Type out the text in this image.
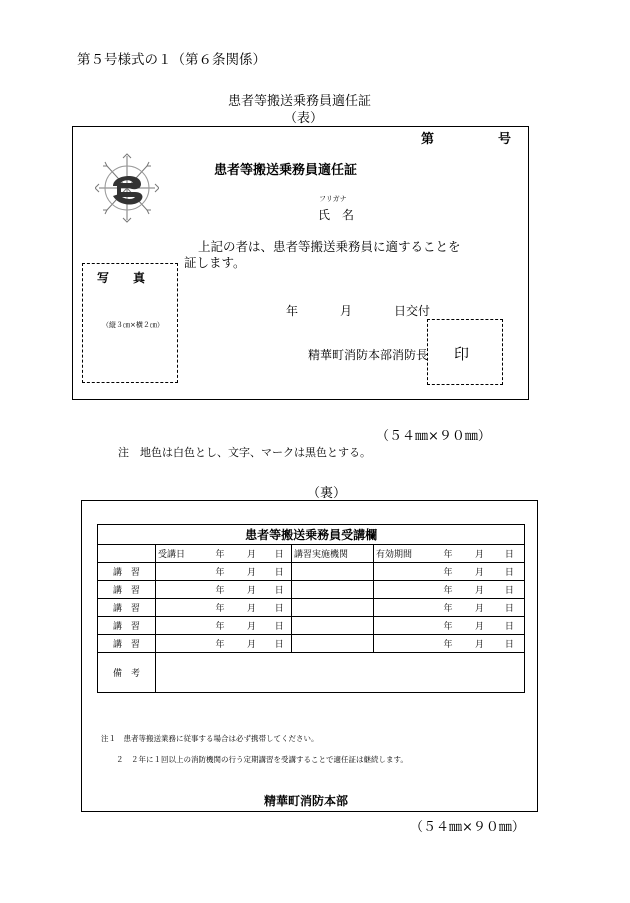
第５号様式の１（第６条関係）
患者等搬送乗務員適任証
（表）
第	号
患者等搬送乗務員適任証
フリガナ
氏　名
上記の者は、患者等搬送乗務員に適することを
証します。
写　　真
（縦３㎝×横２㎝）
年	月	日交付
精華町消防本部消防長 印
（５４㎜×９０㎜）
注　地色は白色とし、文字、マークは黒色とする。
（裏）
患者等搬送乗務員受講欄									
	受講日	年	月	日	講習実施機関	有効期間	年	月	日
講　習		年	月	日			年	月	日
講　習		年	月	日			年	月	日
講　習		年	月	日			年	月	日
講　習		年	月	日			年	月	日
講　習		年	月	日			年	月	日
備　考									
注１　患者等搬送業務に従事する場合は必ず携帯してください。
２　２年に１回以上の消防機関の行う定期講習を受講することで適任証は継続します。
精華町消防本部
（５４㎜×９０㎜）
